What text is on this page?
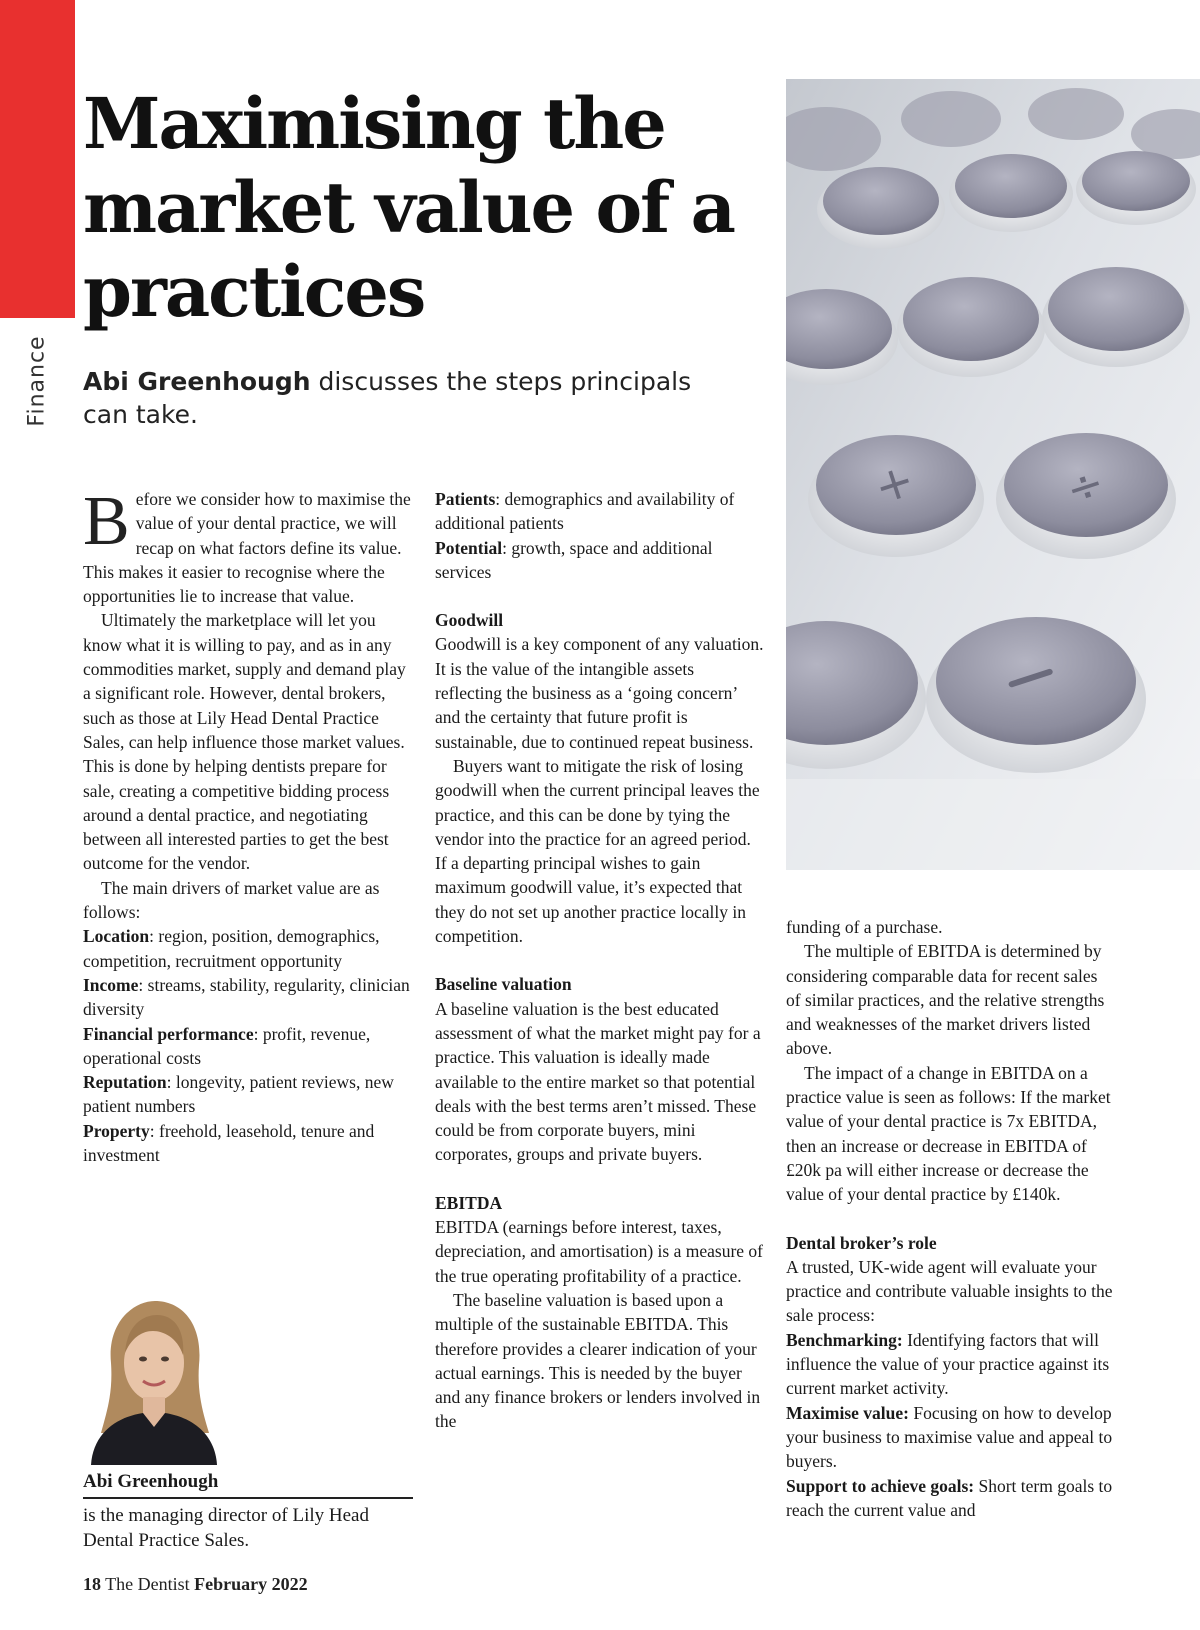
Finance
Maximising the market value of a practices

Abi Greenhough discusses the steps principals can take.

+	÷

Before we consider how to maximise the value of your dental practice, we will recap on what factors define its value. This makes it easier to recognise where the opportunities lie to increase that value.

Ultimately the marketplace will let you know what it is willing to pay, and as in any commodities market, supply and demand play a significant role. However, dental brokers, such as those at Lily Head Dental Practice Sales, can help influence those market values. This is done by helping dentists prepare for sale, creating a competitive bidding process around a dental practice, and negotiating between all interested parties to get the best outcome for the vendor.

The main drivers of market value are as follows:

Location: region, position, demographics, competition, recruitment opportunity

Income: streams, stability, regularity, clinician diversity

Financial performance: profit, revenue, operational costs

Reputation: longevity, patient reviews, new patient numbers

Property: freehold, leasehold, tenure and investment

Patients: demographics and availability of additional patients

Potential: growth, space and additional services

Goodwill

Goodwill is a key component of any valuation. It is the value of the intangible assets reflecting the business as a ‘going concern’ and the certainty that future profit is sustainable, due to continued repeat business.

Buyers want to mitigate the risk of losing goodwill when the current principal leaves the practice, and this can be done by tying the vendor into the practice for an agreed period. If a departing principal wishes to gain maximum goodwill value, it’s expected that they do not set up another practice locally in competition.

Baseline valuation

A baseline valuation is the best educated assessment of what the market might pay for a practice. This valuation is ideally made available to the entire market so that potential deals with the best terms aren’t missed. These could be from corporate buyers, mini corporates, groups and private buyers.

EBITDA

EBITDA (earnings before interest, taxes, depreciation, and amortisation) is a measure of the true operating profitability of a practice.

The baseline valuation is based upon a multiple of the sustainable EBITDA. This therefore provides a clearer indication of your actual earnings. This is needed by the buyer and any finance brokers or lenders involved in the

funding of a purchase.

The multiple of EBITDA is determined by considering comparable data for recent sales of similar practices, and the relative strengths and weaknesses of the market drivers listed above.

The impact of a change in EBITDA on a practice value is seen as follows: If the market value of your dental practice is 7x EBITDA, then an increase or decrease in EBITDA of £20k pa will either increase or decrease the value of your dental practice by £140k.

Dental broker’s role

A trusted, UK-wide agent will evaluate your practice and contribute valuable insights to the sale process:

Benchmarking: Identifying factors that will influence the value of your practice against its current market activity.

Maximise value: Focusing on how to develop your business to maximise value and appeal to buyers.

Support to achieve goals: Short term goals to reach the current value and

Abi Greenhough
is the managing director of Lily Head Dental Practice Sales.
18 The Dentist February 2022
